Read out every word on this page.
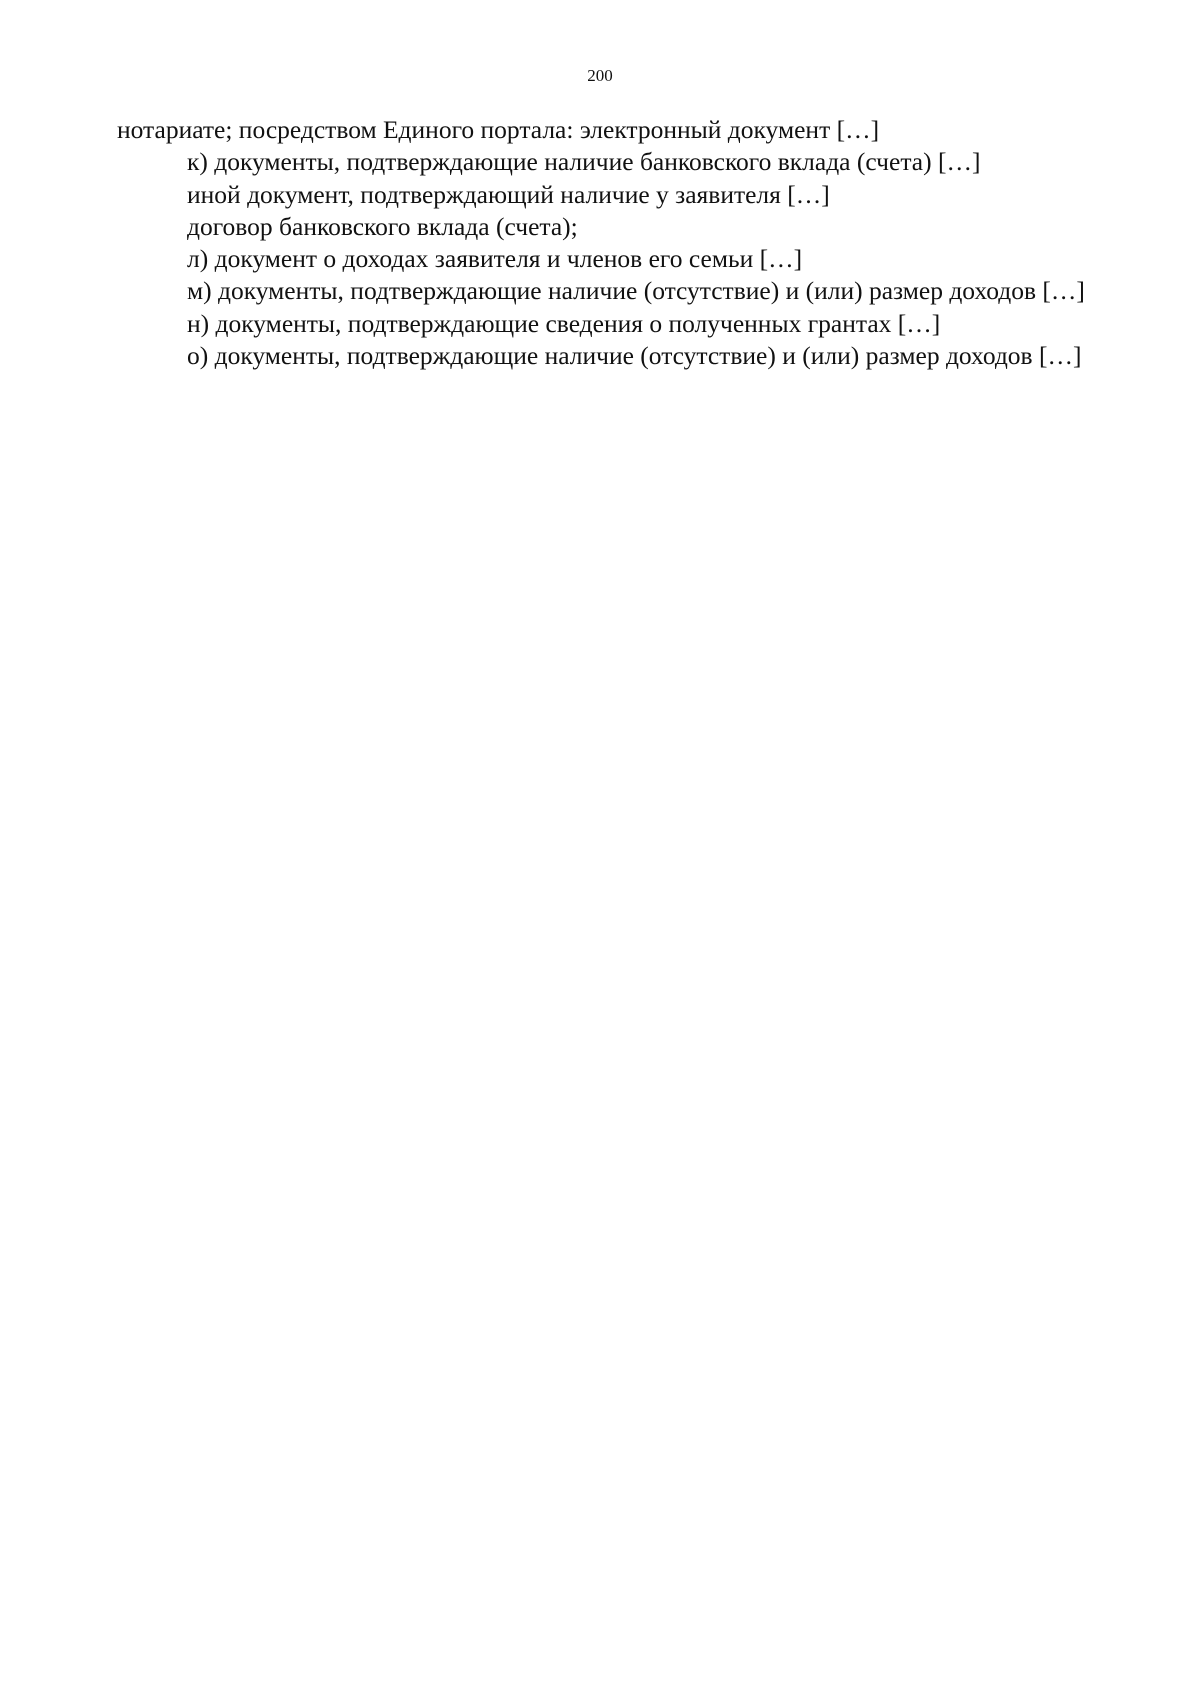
200

нотариате; посредством Единого портала: электронный документ […]

к) документы, подтверждающие наличие банковского вклада (счета) […]

иной документ, подтверждающий наличие у заявителя […]

договор банковского вклада (счета);

л) документ о доходах заявителя и членов его семьи […]

м) документы, подтверждающие наличие (отсутствие) и (или) размер доходов […]

н) документы, подтверждающие сведения о полученных грантах […]

о) документы, подтверждающие наличие (отсутствие) и (или) размер доходов […]
